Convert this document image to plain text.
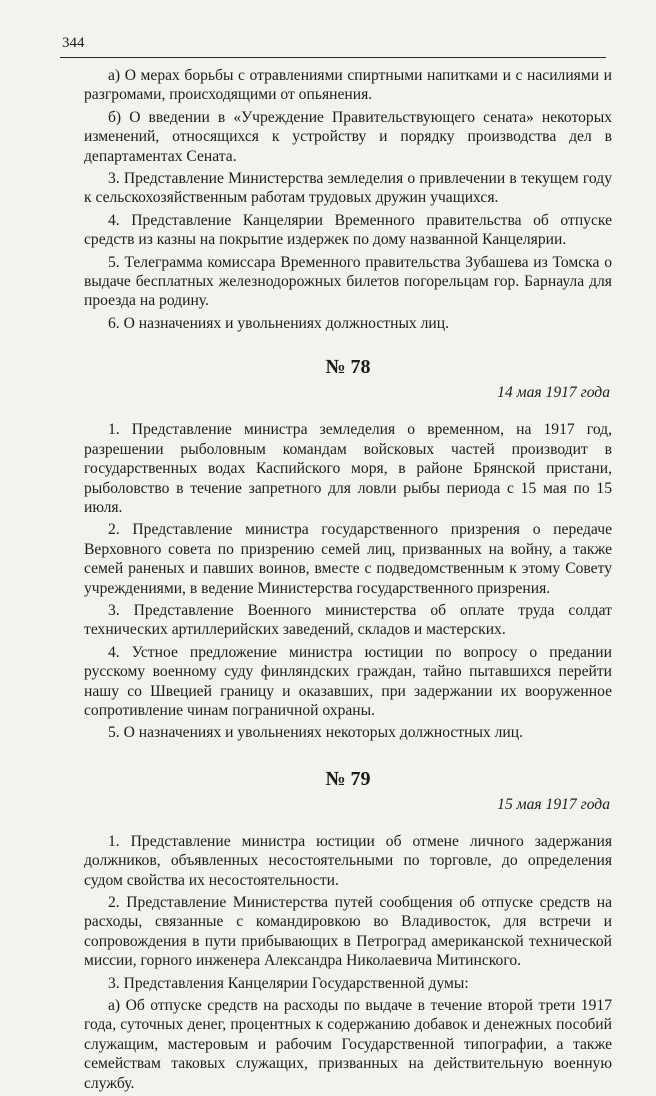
344

а) О мерах борьбы с отравлениями спиртными напитками и с насилиями и разгромами, происходящими от опьянения.

б) О введении в «Учреждение Правительствующего сената» некоторых изменений, относящихся к устройству и порядку производства дел в департаментах Сената.

3. Представление Министерства земледелия о привлечении в текущем году к сельскохозяйственным работам трудовых дружин учащихся.

4. Представление Канцелярии Временного правительства об отпуске средств из казны на покрытие издержек по дому названной Канцелярии.

5. Телеграмма комиссара Временного правительства Зубашева из Томска о выдаче бесплатных железнодорожных билетов погорельцам гор. Барнаула для проезда на родину.

6. О назначениях и увольнениях должностных лиц.

№ 78
14 мая 1917 года

1. Представление министра земледелия о временном, на 1917 год, разрешении рыболовным командам войсковых частей производит в государственных водах Каспийского моря, в районе Брянской пристани, рыболовство в течение запретного для ловли рыбы периода с 15 мая по 15 июля.

2. Представление министра государственного призрения о передаче Верховного совета по призрению семей лиц, призванных на войну, а также семей раненых и павших воинов, вместе с подведомственным к этому Совету учреждениями, в ведение Министерства государственного призрения.

3. Представление Военного министерства об оплате труда солдат технических артиллерийских заведений, складов и мастерских.

4. Устное предложение министра юстиции по вопросу о предании русскому военному суду финляндских граждан, тайно пытавшихся перейти нашу со Швецией границу и оказавших, при задержании их вооруженное сопротивление чинам пограничной охраны.

5. О назначениях и увольнениях некоторых должностных лиц.

№ 79
15 мая 1917 года

1. Представление министра юстиции об отмене личного задержания должников, объявленных несостоятельными по торговле, до определения судом свойства их несостоятельности.

2. Представление Министерства путей сообщения об отпуске средств на расходы, связанные с командировкою во Владивосток, для встречи и сопровождения в пути прибывающих в Петроград американской технической миссии, горного инженера Александра Николаевича Митинского.

3. Представления Канцелярии Государственной думы:

а) Об отпуске средств на расходы по выдаче в течение второй трети 1917 года, суточных денег, процентных к содержанию добавок и денежных пособий служащим, мастеровым и рабочим Государственной типографии, а также семействам таковых служащих, призванных на действительную военную службу.
